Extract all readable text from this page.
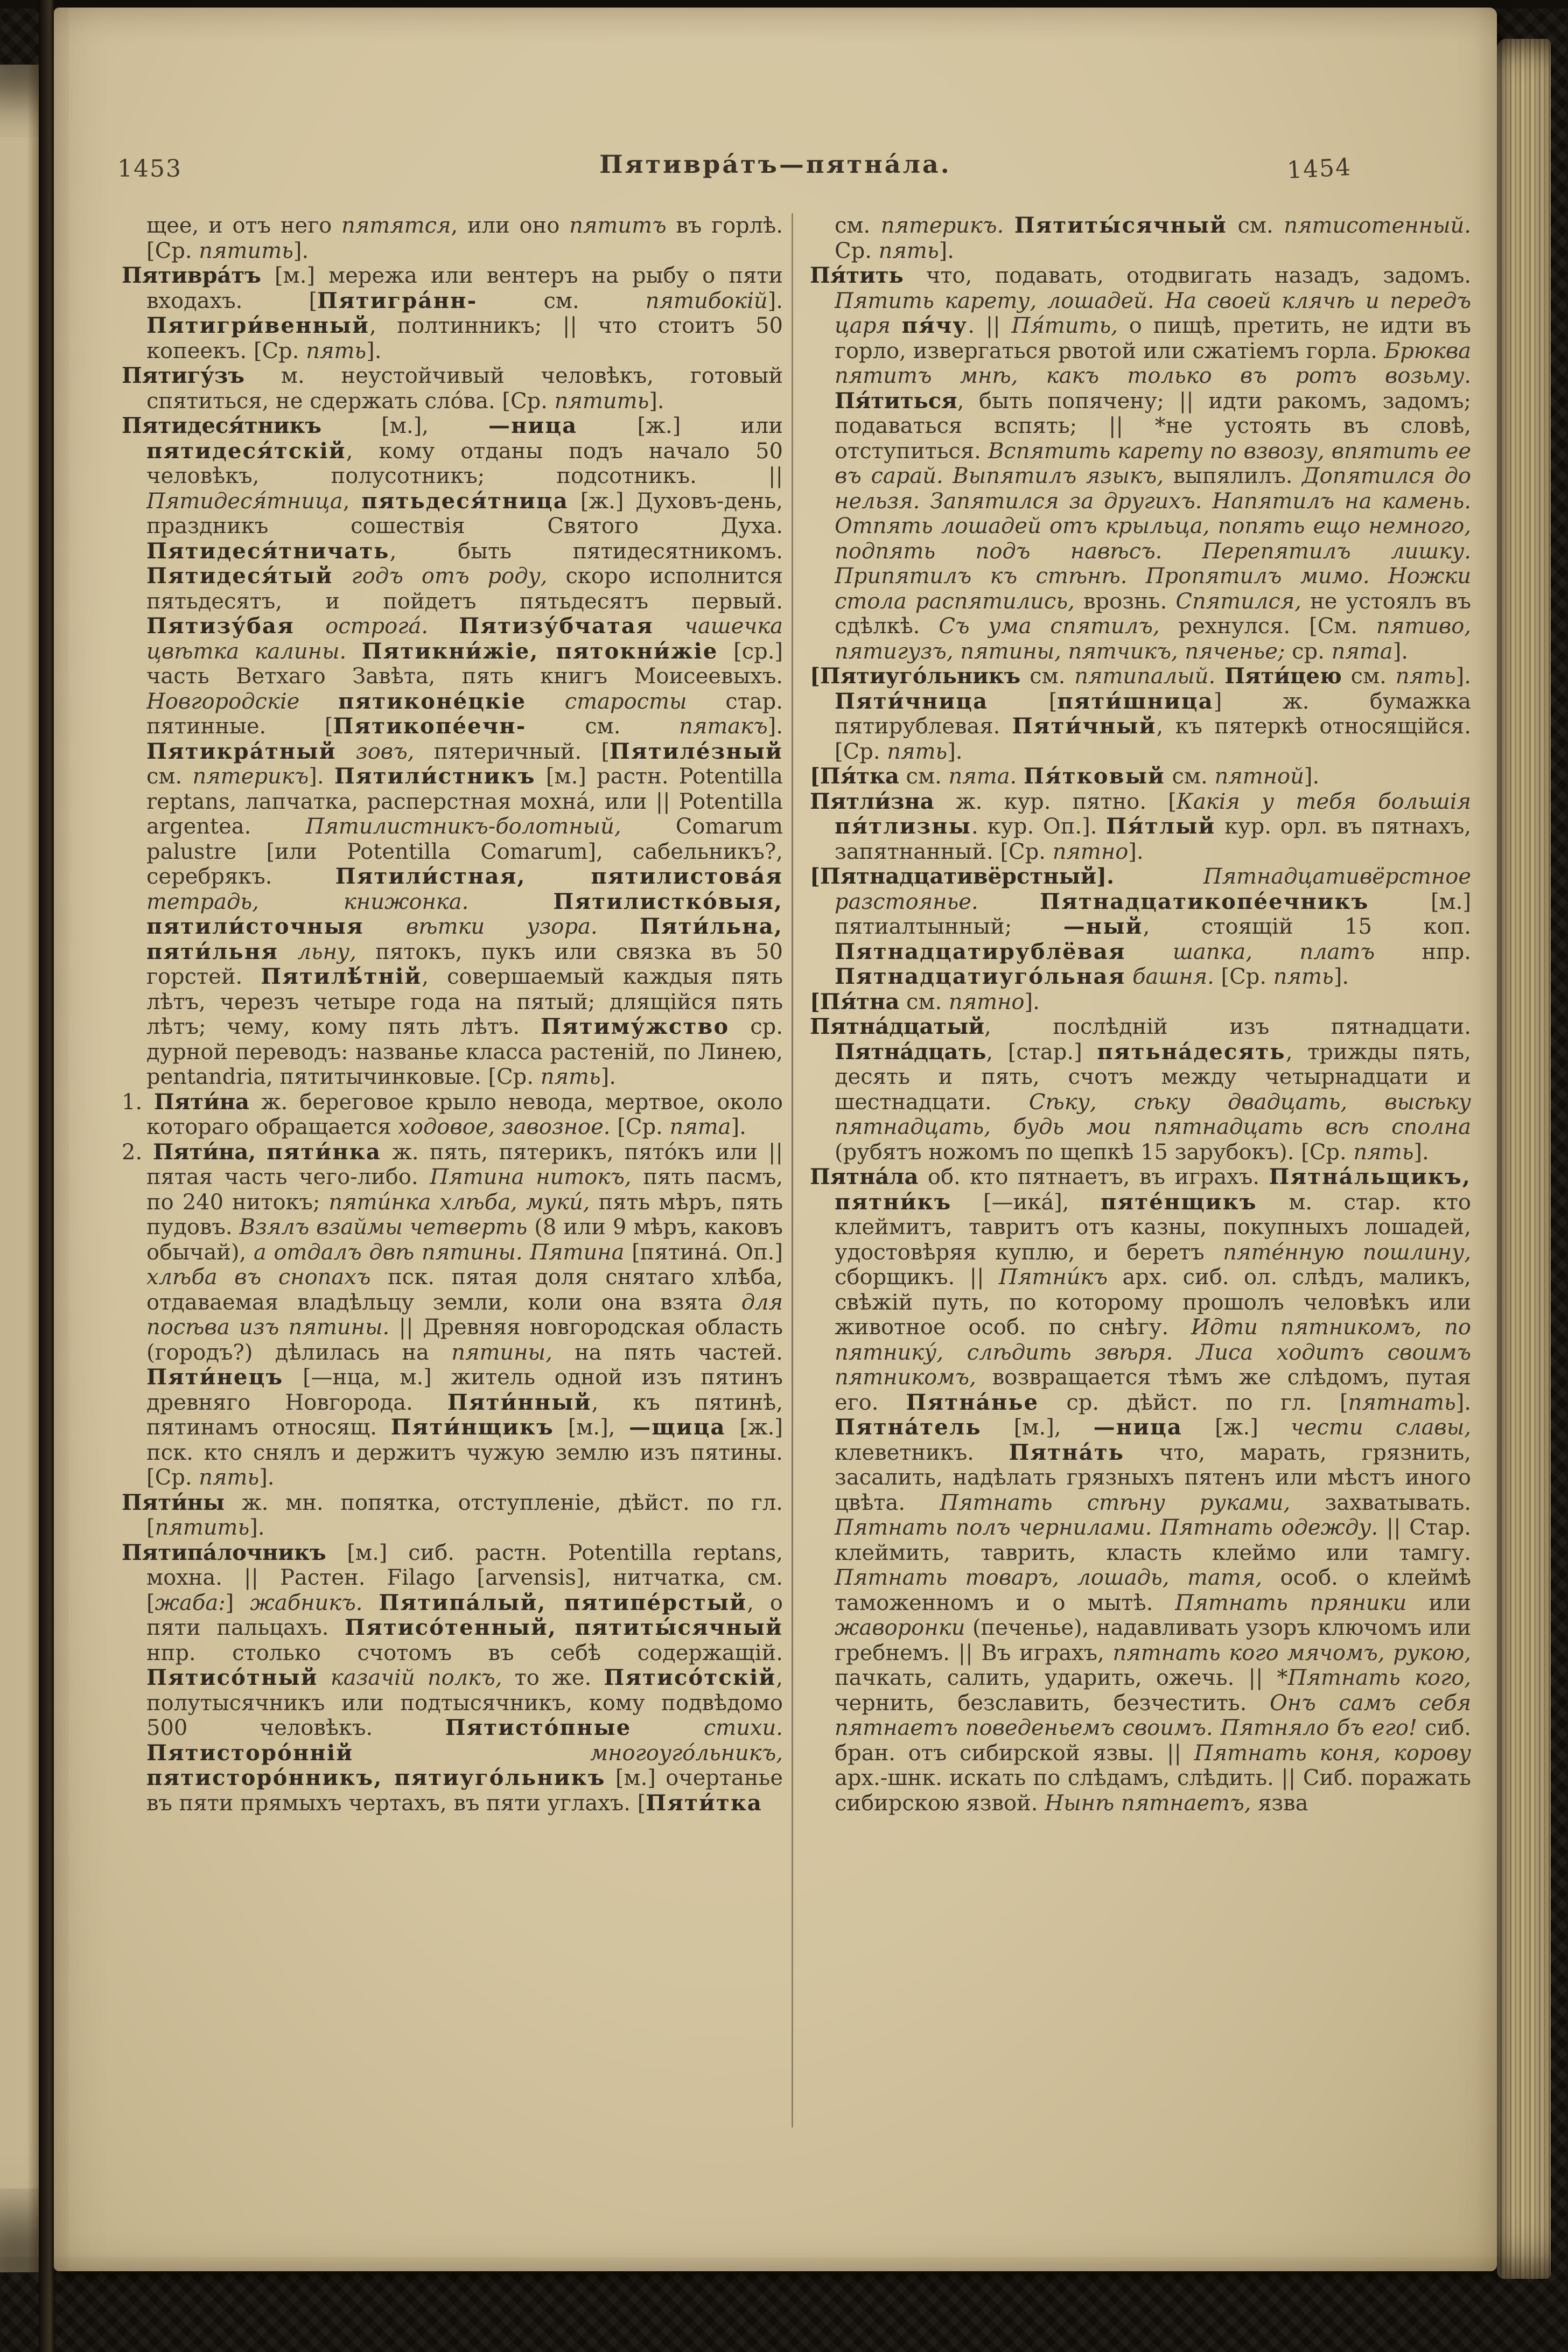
1453	Пятивра́тъ—пятна́ла.	1454

щее, и отъ него пятятся, или оно пятитъ въ горлѣ. [Ср. пятить].

Пятивра́тъ [м.] мережа или вентеръ на рыбу о пяти входахъ. [Пятигра́нн- см. пятибокій]. Пятигри́венный, полтинникъ; || что стоитъ 50 копеекъ. [Ср. пять].

Пятигу́зъ м. неустойчивый человѣкъ, готовый спятиться, не сдержать сло́ва. [Ср. пятить].

Пятидеся́тникъ [м.], —ница [ж.] или пятидеся́тскій, кому отданы подъ начало 50 человѣкъ, полусотникъ; подсотникъ. || Пятидеся́тница, пятьдеся́тница [ж.] Духовъ-день, праздникъ сошествія Святого Духа. Пятидеся́тничать, быть пятидесятникомъ. Пятидеся́тый годъ отъ роду, скоро исполнится пятьдесятъ, и пойдетъ пятьдесятъ первый. Пятизу́бая острога́. Пятизу́бчатая чашечка цвѣтка калины. Пятикни́жіе, пятокни́жіе [ср.] часть Ветхаго Завѣта, пять книгъ Моисеевыхъ. Новгородскіе пятиконе́цкіе старосты стар. пятинные. [Пятикопе́ечн- см. пятакъ]. Пятикра́тный зовъ, пятеричный. [Пятиле́зный см. пятерикъ]. Пятили́стникъ [м.] растн. Potentilla reptans, лапчатка, расперстная мохна́, или || Potentilla argentea. Пятилистникъ-болотный, Comarum palustre [или Potentilla Comarum], сабельникъ?, серебрякъ. Пятили́стная, пятилистова́я тетрадь, книжонка.	Пятилистко́выя, пятили́сточныя вѣтки узора. Пяти́льна, пяти́льня льну, пятокъ, пукъ или связка въ 50 горстей. Пятилѣ́тній, совершаемый каждыя пять лѣтъ, черезъ четыре года на пятый; длящійся пять лѣтъ; чему, кому пять лѣтъ. Пятиму́жство ср. дурной переводъ: названье класса растеній, по Линею, pentandria, пятитычинковые. [Ср. пять].

1. Пяти́на ж. береговое крыло невода, мертвое, около котораго обращается ходовое, завозное. [Ср. пята].

2. Пяти́на, пяти́нка ж. пять, пятерикъ, пято́къ или || пятая часть чего-либо. Пятина нитокъ, пять пасмъ, по 240 нитокъ; пяти́нка хлѣба, муки́, пять мѣръ, пять пудовъ. Взялъ взаймы четверть (8 или 9 мѣръ, каковъ обычай), а отдалъ двѣ пятины. Пятина [пятина́. Оп.] хлѣба въ снопахъ пск. пятая доля снятаго хлѣба, отдаваемая владѣльцу земли, коли она взята для посѣва изъ пятины. || Древняя новгородская область (городъ?) дѣлилась на пятины, на пять частей. Пяти́нецъ [—нца, м.] житель одной изъ пятинъ древняго Новгорода. Пяти́нный, къ пятинѣ, пятинамъ относящ. Пяти́нщикъ [м.], —щица [ж.] пск. кто снялъ и держитъ чужую землю изъ пятины. [Ср. пять].

Пяти́ны ж. мн. попятка, отступленіе, дѣйст. по гл. [пятить].

Пятипа́лочникъ [м.] сиб. растн. Potentilla reptans, мохна. || Растен. Filago [arvensis], нитчатка, см. [жаба:] жабникъ. Пятипа́лый, пятипе́рстый, о пяти пальцахъ. Пятисо́тенный, пятиты́сячный нпр. столько счотомъ въ себѣ содержащій. Пятисо́тный казачій полкъ, то же. Пятисо́тскій, полутысячникъ или подтысячникъ, кому подвѣдомо 500 человѣкъ. Пятисто́пные стихи. Пятисторо́нній многоуго́льникъ, пятисторо́нникъ, пятиуго́льникъ [м.] очертанье въ пяти прямыхъ чертахъ, въ пяти углахъ. [Пяти́тка

см. пятерикъ. Пятиты́сячный см. пятисотенный. Ср. пять].

Пя́тить что, подавать, отодвигать назадъ, задомъ. Пятить карету, лошадей. На своей клячѣ и передъ царя пя́чу. || Пя́тить, о пищѣ, претить, не идти въ горло, извергаться рвотой или сжатіемъ горла. Брюква пятитъ мнѣ, какъ только въ ротъ возьму. Пя́титься, быть попячену; || идти ракомъ, задомъ; подаваться вспять; || *не устоять въ словѣ, отступиться. Вспятить карету по взвозу, впятить ее въ сарай. Выпятилъ языкъ, выпялилъ. Допятился до нельзя. Запятился за другихъ. Напятилъ на камень. Отпять лошадей отъ крыльца, попять ещо немного, подпять подъ навѣсъ. Перепятилъ лишку. Припятилъ къ стѣнѣ. Пропятилъ мимо. Ножки стола распятились, врознь. Спятился, не устоялъ въ сдѣлкѣ. Съ ума спятилъ, рехнулся. [См. пятиво, пятигузъ, пятины, пятчикъ, пяченье; ср. пята].

[Пятиуго́льникъ см. пятипалый. Пяти́цею см. пять]. Пяти́чница [пяти́шница] ж. бумажка пятирублевая. Пяти́чный, къ пятеркѣ относящійся. [Ср. пять].

[Пя́тка см. пята. Пя́тковый см. пятной].

Пятли́зна ж. кур. пятно. [Какія у тебя большія пя́тлизны. кур. Оп.]. Пя́тлый кур. орл. въ пятнахъ, запятнанный. [Ср. пятно].

[Пятнадцативёрстный]. Пятнадцативёрстное разстоянье.	Пятнадцатикопе́ечникъ [м.] пятиалтынный; —ный, стоящій 15 коп. Пятнадцатирублёвая шапка, платъ нпр. Пятнадцатиуго́льная башня. [Ср. пять].

[Пя́тна см. пятно].

Пятна́дцатый, послѣдній изъ пятнадцати. Пятна́дцать, [стар.] пятьна́десять, трижды пять, десять и пять, счотъ между четырнадцати и шестнадцати. Сѣку, сѣку двадцать, высѣку пятнадцать, будь мои пятнадцать всѣ сполна (рубятъ ножомъ по щепкѣ 15 зарубокъ). [Ср. пять].

Пятна́ла об. кто пятнаетъ, въ играхъ. Пятна́льщикъ, пятни́къ [—ика́], пяте́нщикъ м. стар. кто клеймитъ, тавритъ отъ казны, покупныхъ лошадей, удостовѣряя куплю, и беретъ пяте́нную пошлину, сборщикъ. || Пятни́къ арх. сиб. ол. слѣдъ, маликъ, свѣжій путь, по которому прошолъ человѣкъ или животное особ. по снѣгу. Идти пятникомъ, по пятнику́, слѣдить звѣря. Лиса ходитъ своимъ пятникомъ, возвращается тѣмъ же слѣдомъ, путая его. Пятна́нье ср. дѣйст. по гл. [пятнать]. Пятна́тель [м.], —ница [ж.] чести славы, клеветникъ. Пятна́ть что, марать, грязнить, засалить, надѣлать грязныхъ пятенъ или мѣстъ иного цвѣта. Пятнать стѣну руками, захватывать. Пятнать полъ чернилами. Пятнать одежду. || Стар. клеймить, таврить, класть клеймо или тамгу. Пятнать товаръ, лошадь, татя, особ. о клеймѣ таможенномъ и о мытѣ. Пятнать пряники или жаворонки (печенье), надавливать узоръ ключомъ или гребнемъ. || Въ играхъ, пятнать кого мячомъ, рукою, пачкать, салить, ударить, ожечь. || *Пятнать кого, чернить, безславить, безчестить. Онъ самъ себя пятнаетъ поведеньемъ своимъ. Пятняло бъ его! сиб. бран. отъ сибирской язвы. || Пятнать коня, корову арх.-шнк. искать по слѣдамъ, слѣдить. || Сиб. поражать сибирскою язвой. Нынѣ пятнаетъ, язва
